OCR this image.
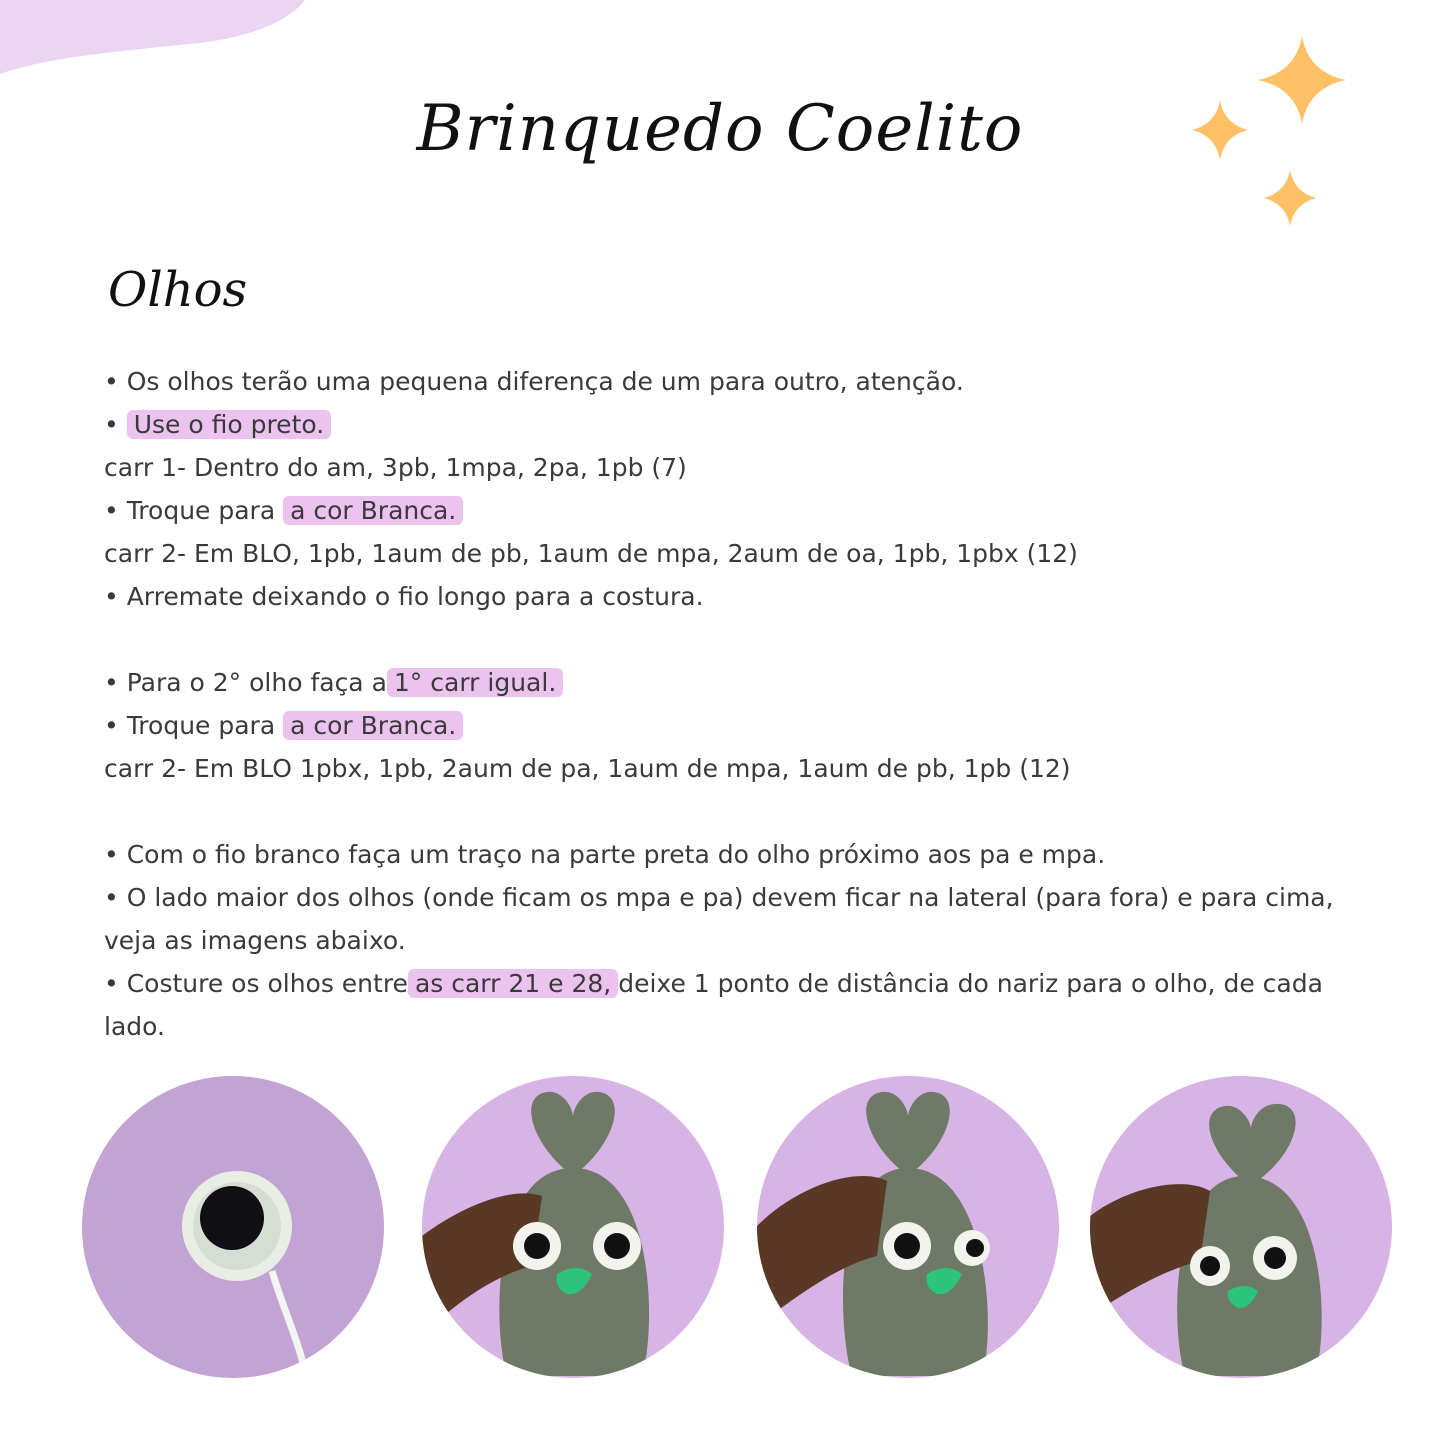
Brinquedo Coelito
Olhos
• Os olhos terão uma pequena diferença de um para outro, atenção.
• Use o fio preto.
carr 1- Dentro do am, 3pb, 1mpa, 2pa, 1pb (7)
• Troque para a cor Branca.
carr 2- Em BLO, 1pb, 1aum de pb, 1aum de mpa, 2aum de oa, 1pb, 1pbx (12)
• Arremate deixando o fio longo para a costura.
• Para o 2° olho faça a 1° carr igual.
• Troque para a cor Branca.
carr 2- Em BLO 1pbx, 1pb, 2aum de pa, 1aum de mpa, 1aum de pb, 1pb (12)
• Com o fio branco faça um traço na parte preta do olho próximo aos pa e mpa.
• O lado maior dos olhos (onde ficam os mpa e pa) devem ficar na lateral (para fora) e para cima, veja as imagens abaixo.
• Costure os olhos entre as carr 21 e 28, deixe 1 ponto de distância do nariz para o olho, de cada lado.
